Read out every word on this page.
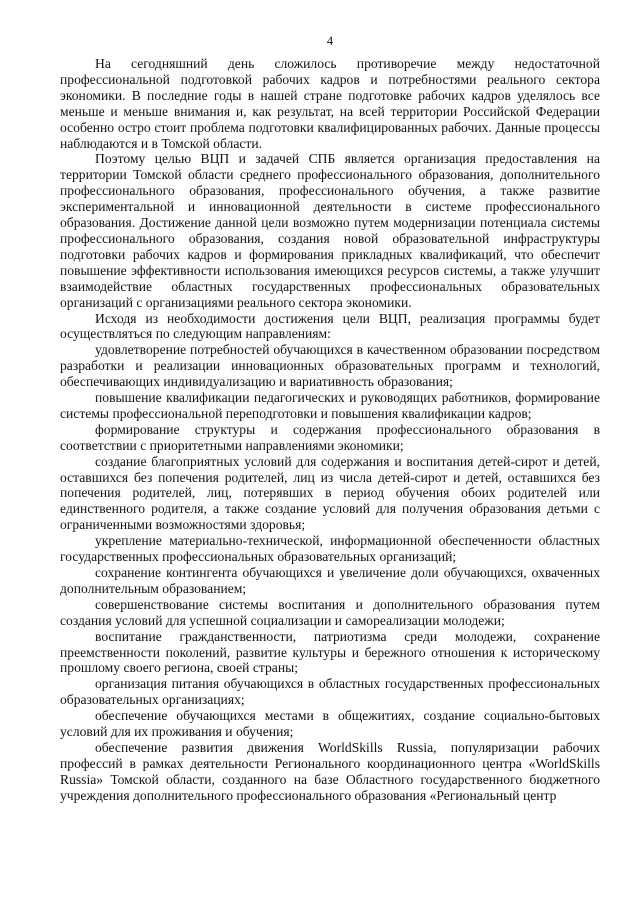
4

На сегодняшний день сложилось противоречие между недостаточной профессиональной подготовкой рабочих кадров и потребностями реального сектора экономики. В последние годы в нашей стране подготовке рабочих кадров уделялось все меньше и меньше внимания и, как результат, на всей территории Российской Федерации особенно остро стоит проблема подготовки квалифицированных рабочих. Данные процессы наблюдаются и в Томской области.

Поэтому целью ВЦП и задачей СПБ является организация предоставления на территории Томской области среднего профессионального образования, дополнительного профессионального образования, профессионального обучения, а также развитие экспериментальной и инновационной деятельности в системе профессионального образования. Достижение данной цели возможно путем модернизации потенциала системы профессионального образования, создания новой образовательной инфраструктуры подготовки рабочих кадров и формирования прикладных квалификаций, что обеспечит повышение эффективности использования имеющихся ресурсов системы, а также улучшит взаимодействие областных государственных профессиональных образовательных организаций с организациями реального сектора экономики.

Исходя из необходимости достижения цели ВЦП, реализация программы будет осуществляться по следующим направлениям:

удовлетворение потребностей обучающихся в качественном образовании посредством разработки и реализации инновационных образовательных программ и технологий, обеспечивающих индивидуализацию и вариативность образования;

повышение квалификации педагогических и руководящих работников, формирование системы профессиональной переподготовки и повышения квалификации кадров;

формирование структуры и содержания профессионального образования в соответствии с приоритетными направлениями экономики;

создание благоприятных условий для содержания и воспитания детей-сирот и детей, оставшихся без попечения родителей, лиц из числа детей-сирот и детей, оставшихся без попечения родителей, лиц, потерявших в период обучения обоих родителей или единственного родителя, а также создание условий для получения образования детьми с ограниченными возможностями здоровья;

укрепление материально-технической, информационной обеспеченности областных государственных профессиональных образовательных организаций;

сохранение контингента обучающихся и увеличение доли обучающихся, охваченных дополнительным образованием;

совершенствование системы воспитания и дополнительного образования путем создания условий для успешной социализации и самореализации молодежи;

воспитание гражданственности, патриотизма среди молодежи, сохранение преемственности поколений, развитие культуры и бережного отношения к историческому прошлому своего региона, своей страны;

организация питания обучающихся в областных государственных профессиональных образовательных организациях;

обеспечение обучающихся местами в общежитиях, создание социально-бытовых условий для их проживания и обучения;

обеспечение развития движения WorldSkills Russia, популяризации рабочих профессий в рамках деятельности Регионального координационного центра «WorldSkills Russia» Томской области, созданного на базе Областного государственного бюджетного учреждения дополнительного профессионального образования «Региональный центр
